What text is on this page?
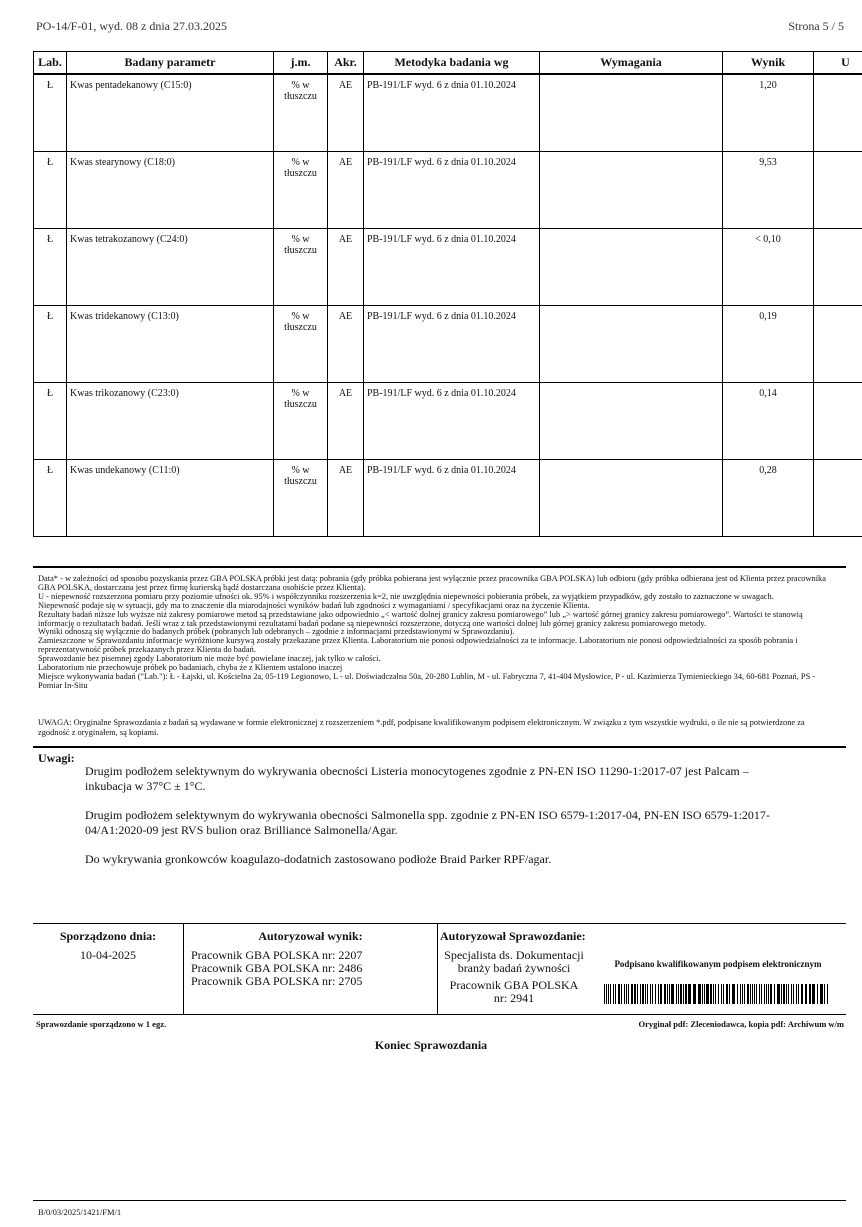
PO-14/F-01, wyd. 08 z dnia 27.03.2025	Strona 5 / 5
Lab.	Badany parametr	j.m.	Akr.	Metodyka badania wg	Wymagania	Wynik	U
Ł	Kwas pentadekanowy (C15:0)	% w tłuszczu	AE	PB-191/LF wyd. 6 z dnia 01.10.2024		1,20	
Ł	Kwas stearynowy (C18:0)	% w tłuszczu	AE	PB-191/LF wyd. 6 z dnia 01.10.2024		9,53	
Ł	Kwas tetrakozanowy (C24:0)	% w tłuszczu	AE	PB-191/LF wyd. 6 z dnia 01.10.2024		< 0,10	
Ł	Kwas tridekanowy (C13:0)	% w tłuszczu	AE	PB-191/LF wyd. 6 z dnia 01.10.2024		0,19	
Ł	Kwas trikozanowy (C23:0)	% w tłuszczu	AE	PB-191/LF wyd. 6 z dnia 01.10.2024		0,14	
Ł	Kwas undekanowy (C11:0)	% w tłuszczu	AE	PB-191/LF wyd. 6 z dnia 01.10.2024		0,28	

Data* - w zależności od sposobu pozyskania przez GBA POLSKA próbki jest datą: pobrania (gdy próbka pobierana jest wyłącznie przez pracownika GBA POLSKA) lub odbioru (gdy próbka odbierana jest od Klienta przez pracownika GBA POLSKA, dostarczana jest przez firmę kurierską bądź dostarczana osobiście przez Klienta).

U - niepewność rozszerzona pomiaru przy poziomie ufności ok. 95% i współczynniku rozszerzenia k=2, nie uwzględnia niepewności pobierania próbek, za wyjątkiem przypadków, gdy zostało to zaznaczone w uwagach.

Niepewność podaje się w sytuacji, gdy ma to znaczenie dla miarodajności wyników badań lub zgodności z wymaganiami / specyfikacjami oraz na życzenie Klienta.

Rezultaty badań niższe lub wyższe niż zakresy pomiarowe metod są przedstawiane jako odpowiednio „< wartość dolnej granicy zakresu pomiarowego” lub „> wartość górnej granicy zakresu pomiarowego”. Wartości te stanowią informację o rezultatach badań. Jeśli wraz z tak przedstawionymi rezultatami badań podane są niepewności rozszerzone, dotyczą one wartości dolnej lub górnej granicy zakresu pomiarowego metody.

Wyniki odnoszą się wyłącznie do badanych próbek (pobranych lub odebranych – zgodnie z informacjami przedstawionymi w Sprawozdaniu).

Zamieszczone w Sprawozdaniu informacje wyróżnione kursywą zostały przekazane przez Klienta. Laboratorium nie ponosi odpowiedzialności za te informacje. Laboratorium nie ponosi odpowiedzialności za sposób pobrania i reprezentatywność próbek przekazanych przez Klienta do badań.

Sprawozdanie bez pisemnej zgody Laboratorium nie może być powielane inaczej, jak tylko w całości.

Laboratorium nie przechowuje próbek po badaniach, chyba że z Klientem ustalono inaczej

Miejsce wykonywania badań ("Lab."): Ł - Łajski, ul. Kościelna 2a, 05-119 Legionowo, L - ul. Doświadczalna 50a, 20-280 Lublin, M - ul. Fabryczna 7, 41-404 Mysłowice, P - ul. Kazimierza Tymienieckiego 34, 60-681 Poznań, PS - Pomiar In-Situ

UWAGA: Oryginalne Sprawozdania z badań są wydawane w formie elektronicznej z rozszerzeniem *.pdf, podpisane kwalifikowanym podpisem elektronicznym. W związku z tym wszystkie wydruki, o ile nie są potwierdzone za zgodność z oryginałem, są kopiami.
Uwagi:

Drugim podłożem selektywnym do wykrywania obecności Listeria monocytogenes zgodnie z PN-EN ISO 11290-1:2017-07 jest Palcam – inkubacja w 37°C ± 1°C.

Drugim podłożem selektywnym do wykrywania obecności Salmonella spp. zgodnie z PN-EN ISO 6579-1:2017-04, PN-EN ISO 6579-1:2017-04/A1:2020-09 jest RVS bulion oraz Brilliance Salmonella/Agar.

Do wykrywania gronkowców koagulazo-dodatnich zastosowano podłoże Braid Parker RPF/agar.

Sporządzono dnia:
10-04-2025
Autoryzował wynik:
Pracownik GBA POLSKA nr: 2207
Pracownik GBA POLSKA nr: 2486
Pracownik GBA POLSKA nr: 2705
Autoryzował Sprawozdanie:
Specjalista ds. Dokumentacji branży badań żywności
Pracownik GBA POLSKA nr: 2941
Podpisano kwalifikowanym podpisem elektronicznym
Sprawozdanie sporządzono w 1 egz.	Oryginał pdf: Zleceniodawca, kopia pdf: Archiwum w/m
Koniec Sprawozdania
B/0/03/2025/1421/FM/1
